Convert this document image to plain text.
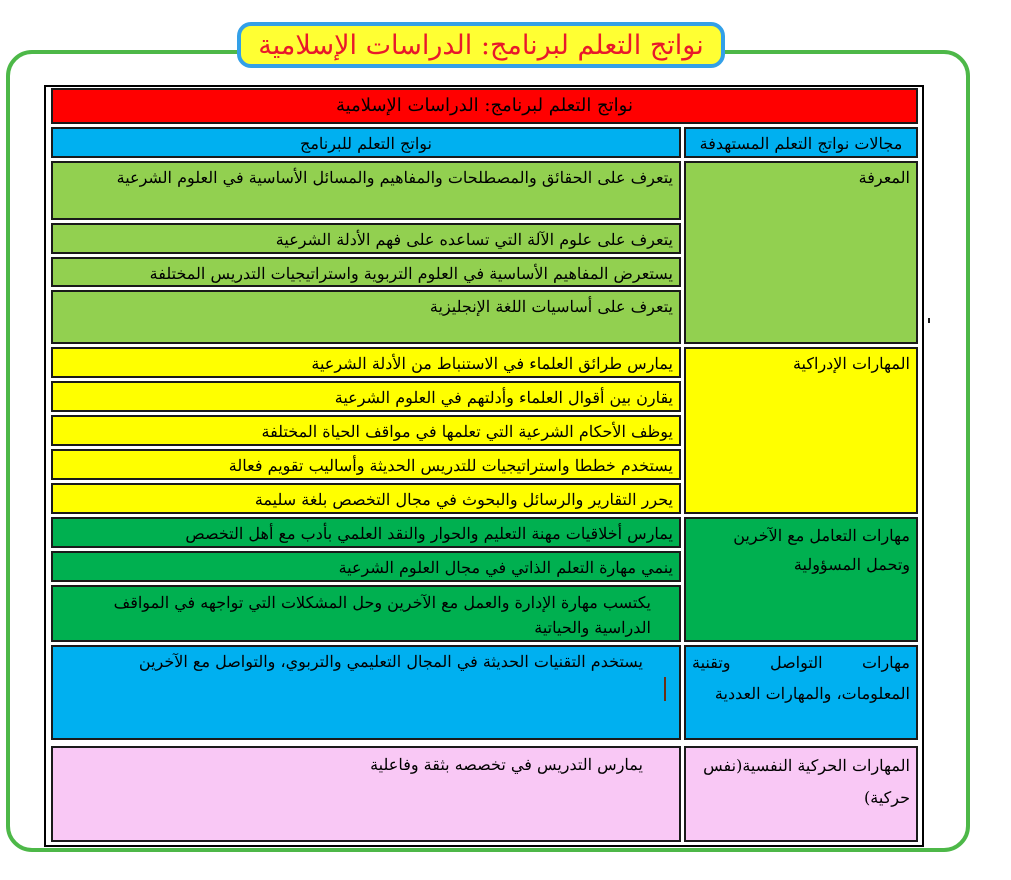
نواتج التعلم لبرنامج: الدراسات الإسلامية
نواتج التعلم لبرنامج: الدراسات الإسلامية
نواتج التعلم للبرنامج	مجالات نواتج التعلم المستهدفة
المعرفة
يتعرف على الحقائق والمصطلحات والمفاهيم والمسائل الأساسية في العلوم الشرعية
يتعرف على علوم الآلة التي تساعده على فهم الأدلة الشرعية
يستعرض المفاهيم الأساسية في العلوم التربوية واستراتيجيات التدريس المختلفة
يتعرف على أساسيات اللغة الإنجليزية
المهارات الإدراكية
يمارس طرائق العلماء في الاستنباط من الأدلة الشرعية
يقارن بين أقوال العلماء وأدلتهم في العلوم الشرعية
يوظف الأحكام الشرعية التي تعلمها في مواقف الحياة المختلفة
يستخدم خططا واستراتيجيات للتدريس الحديثة وأساليب تقويم فعالة
يحرر التقارير والرسائل والبحوث في مجال التخصص بلغة سليمة
مهارات التعامل مع الآخرين وتحمل المسؤولية
يمارس أخلاقيات مهنة التعليم والحوار والنقد العلمي بأدب مع أهل التخصص
ينمي مهارة التعلم الذاتي في مجال العلوم الشرعية
يكتسب مهارة الإدارة والعمل مع الآخرين وحل المشكلات التي تواجهه في المواقف الدراسية والحياتية
مهارات التواصل وتقنية المعلومات، والمهارات العددية
يستخدم التقنيات الحديثة في المجال التعليمي والتربوي، والتواصل مع الآخرين
المهارات الحركية النفسية(نفس حركية)
يمارس التدريس في تخصصه بثقة وفاعلية
